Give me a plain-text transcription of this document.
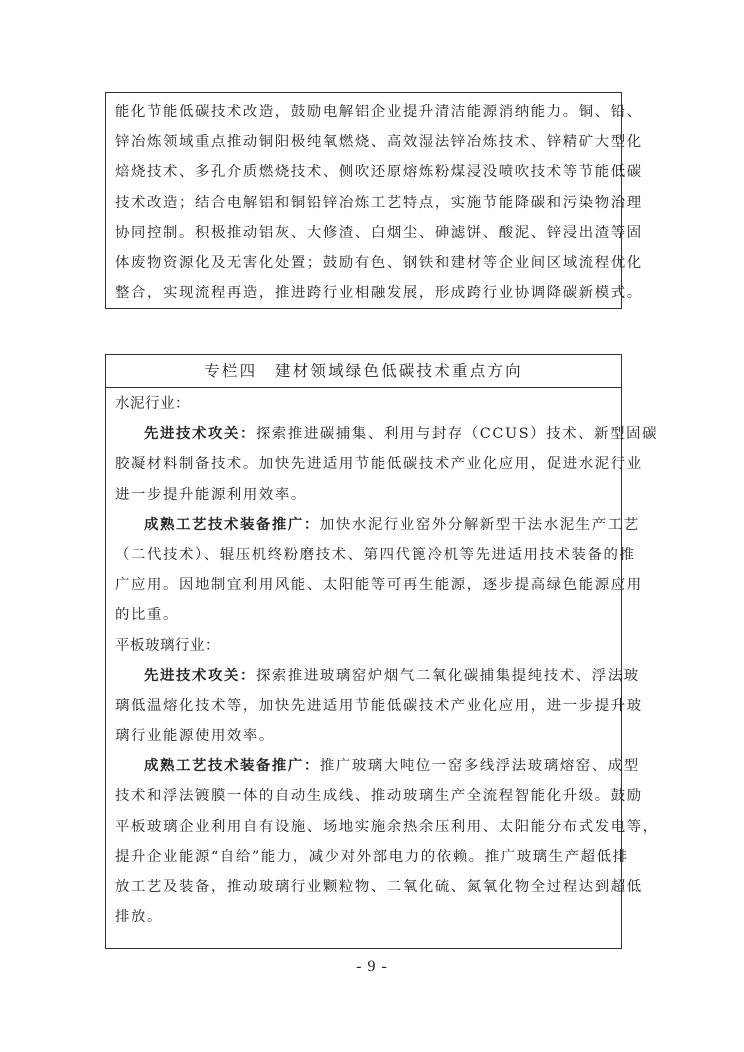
能化节能低碳技术改造，鼓励电解铝企业提升清洁能源消纳能力。铜、铅、
锌冶炼领域重点推动铜阳极纯氧燃烧、高效湿法锌冶炼技术、锌精矿大型化
焙烧技术、多孔介质燃烧技术、侧吹还原熔炼粉煤浸没喷吹技术等节能低碳
技术改造；结合电解铝和铜铅锌冶炼工艺特点，实施节能降碳和污染物治理
协同控制。积极推动铝灰、大修渣、白烟尘、砷滤饼、酸泥、锌浸出渣等固
体废物资源化及无害化处置；鼓励有色、钢铁和建材等企业间区域流程优化
整合，实现流程再造，推进跨行业相融发展，形成跨行业协调降碳新模式。
专栏四　建材领域绿色低碳技术重点方向
水泥行业：
先进技术攻关：探索推进碳捕集、利用与封存（CCUS）技术、新型固碳
胶凝材料制备技术。加快先进适用节能低碳技术产业化应用，促进水泥行业
进一步提升能源利用效率。
成熟工艺技术装备推广：加快水泥行业窑外分解新型干法水泥生产工艺
（二代技术）、辊压机终粉磨技术、第四代篦冷机等先进适用技术装备的推
广应用。因地制宜利用风能、太阳能等可再生能源，逐步提高绿色能源应用
的比重。
平板玻璃行业：
先进技术攻关：探索推进玻璃窑炉烟气二氧化碳捕集提纯技术、浮法玻
璃低温熔化技术等，加快先进适用节能低碳技术产业化应用，进一步提升玻
璃行业能源使用效率。
成熟工艺技术装备推广：推广玻璃大吨位一窑多线浮法玻璃熔窑、成型
技术和浮法镀膜一体的自动生成线、推动玻璃生产全流程智能化升级。鼓励
平板玻璃企业利用自有设施、场地实施余热余压利用、太阳能分布式发电等，
提升企业能源“自给”能力，减少对外部电力的依赖。推广玻璃生产超低排
放工艺及装备，推动玻璃行业颗粒物、二氧化硫、氮氧化物全过程达到超低
排放。
- 9 -
